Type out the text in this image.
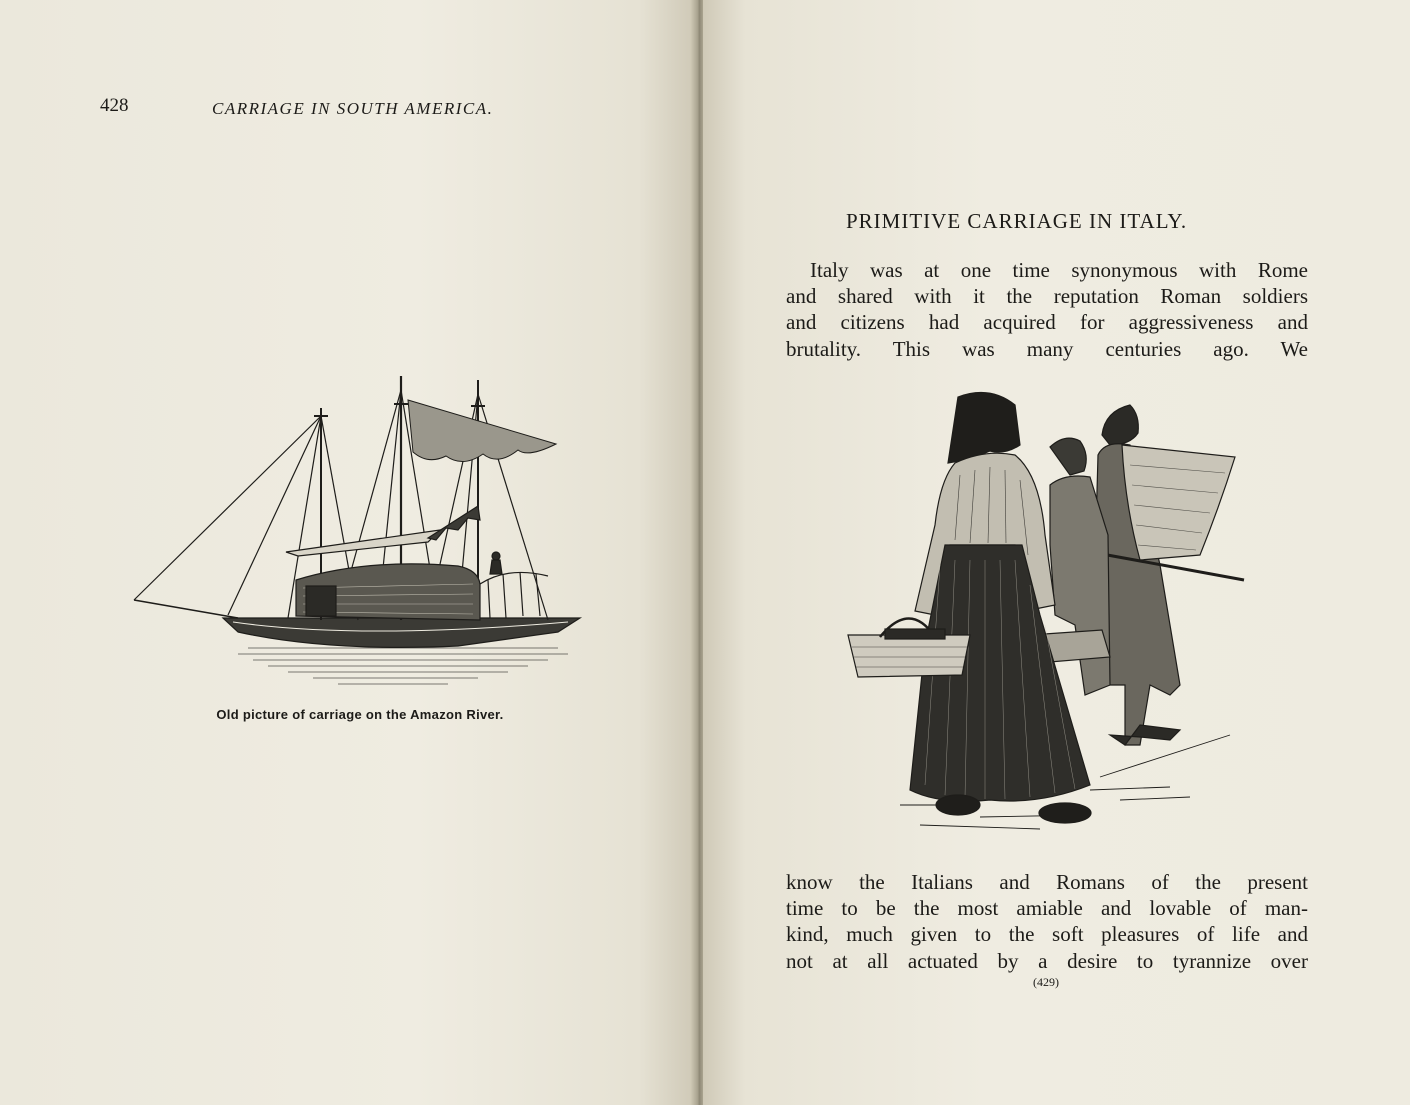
428	CARRIAGE IN SOUTH AMERICA.
Old picture of carriage on the Amazon River.
PRIMITIVE CARRIAGE IN ITALY.
Italy was at one time synonymous with Rome
and shared with it the reputation Roman soldiers
and citizens had acquired for aggressiveness and
brutality. This was many centuries ago. We
know the Italians and Romans of the present
time to be the most amiable and lovable of man-
kind, much given to the soft pleasures of life and
not at all actuated by a desire to tyrannize over
(429)
